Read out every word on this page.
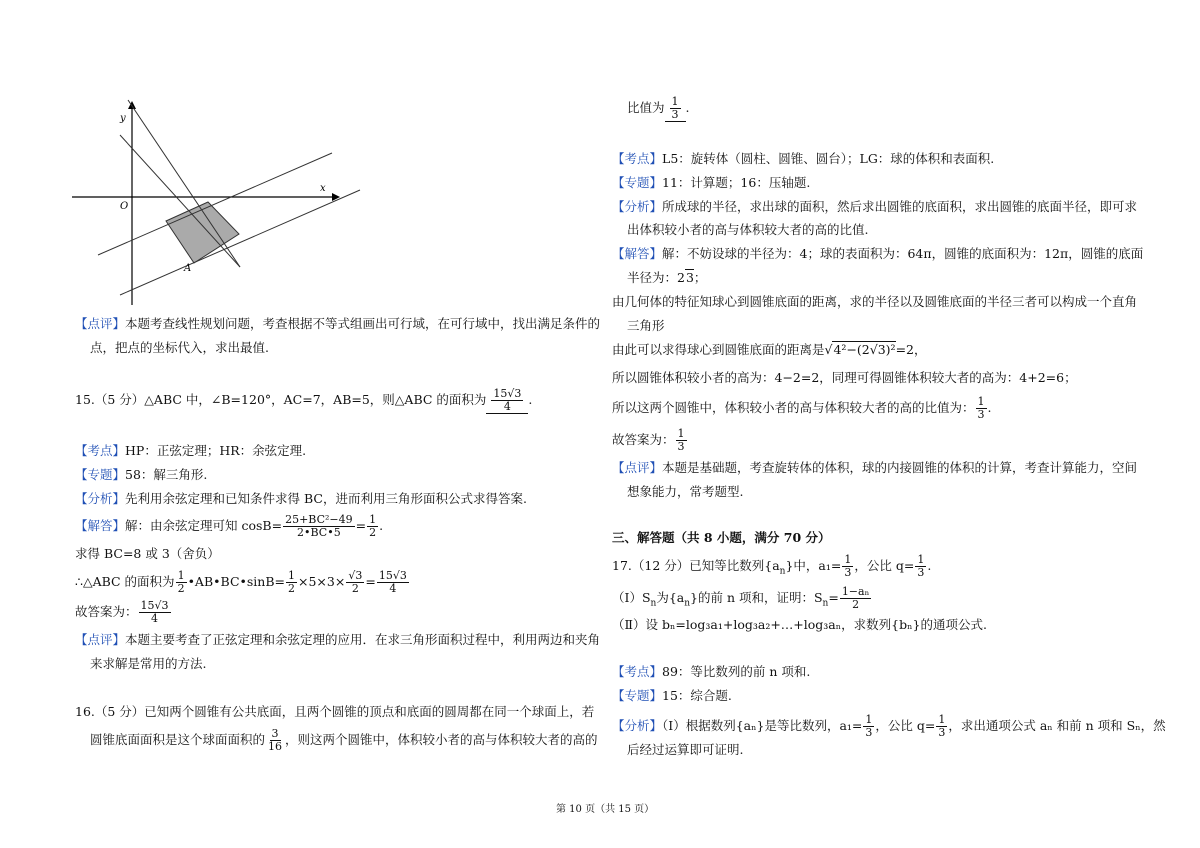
y
x
O
A
【点评】本题考查线性规划问题，考查根据不等式组画出可行域，在可行域中，找出满足条件的
点，把点的坐标代入，求出最值.
15.（5 分）△ABC 中，∠B=120°，AC=7，AB=5，则△ABC 的面积为 $\frac{15√3}{4}$ .
【考点】HP：正弦定理；HR：余弦定理.
【专题】58：解三角形.
【分析】先利用余弦定理和已知条件求得 BC，进而利用三角形面积公式求得答案.
【解答】解：由余弦定理可知 $\cos B= \frac{\text{25+BC²−49}}{2•BC•5} = \frac{1}{2}$ .
求得 BC=8 或 3（舍负）
∴△ABC 的面积为 $\frac{1}{2}$ •AB•BC•sinB= $\frac{1}{2} \times 5\times 3\times \frac{√3}{2} = \frac{15√3}{4}$
故答案为： $\frac{15√3}{4}$
【点评】本题主要考查了正弦定理和余弦定理的应用．在求三角形面积过程中，利用两边和夹角
来求解是常用的方法.
16.（5 分）已知两个圆锥有公共底面，且两个圆锥的顶点和底面的圆周都在同一个球面上，若
圆锥底面面积是这个球面面积的 $\frac{3}{16}$ ，则这两个圆锥中，体积较小者的高与体积较大者的高的
比值为 $\frac{1}{3}$ .
【考点】L5：旋转体（圆柱、圆锥、圆台）；LG：球的体积和表面积.
【专题】11：计算题；16：压轴题.
【分析】所成球的半径，求出球的面积，然后求出圆锥的底面积，求出圆锥的底面半径，即可求
出体积较小者的高与体积较大者的高的比值.
【解答】解：不妨设球的半径为：4；球的表面积为：64π，圆锥的底面积为：12π，圆锥的底面
半径为：23；
由几何体的特征知球心到圆锥底面的距离，求的半径以及圆锥底面的半径三者可以构成一个直角
三角形
由此可以求得球心到圆锥底面的距离是√4²−(2√3)²=2，
所以圆锥体积较小者的高为：4−2=2，同理可得圆锥体积较大者的高为：4+2=6；
所以这两个圆锥中，体积较小者的高与体积较大者的高的比值为： $\frac{1}{3}$ .
故答案为： $\frac{1}{3}$
【点评】本题是基础题，考查旋转体的体积，球的内接圆锥的体积的计算，考查计算能力，空间
想象能力，常考题型.
三、解答题（共 8 小题，满分 70 分）
17.（12 分）已知等比数列$\{a_n\}$中，$a_1= \frac{1}{3}$ ，公比 $q= \frac{1}{3}$ .
$(Ⅰ)S_n$为$\{a_n\}$的前 n 项和，证明：$S_n= \frac{\text{1−aₙ}}{2}$
（Ⅱ）设 bₙ=log₃a₁+log₃a₂+…+log₃aₙ，求数列{bₙ}的通项公式.
【考点】89：等比数列的前 n 项和.
【专题】15：综合题.
【分析】（I）根据数列{aₙ}是等比数列，$a_1= \frac{1}{3}$ ，公比 $q= \frac{1}{3}$ ，求出通项公式 aₙ 和前 n 项和 Sₙ，然
后经过运算即可证明.
第 10 页（共 15 页）
